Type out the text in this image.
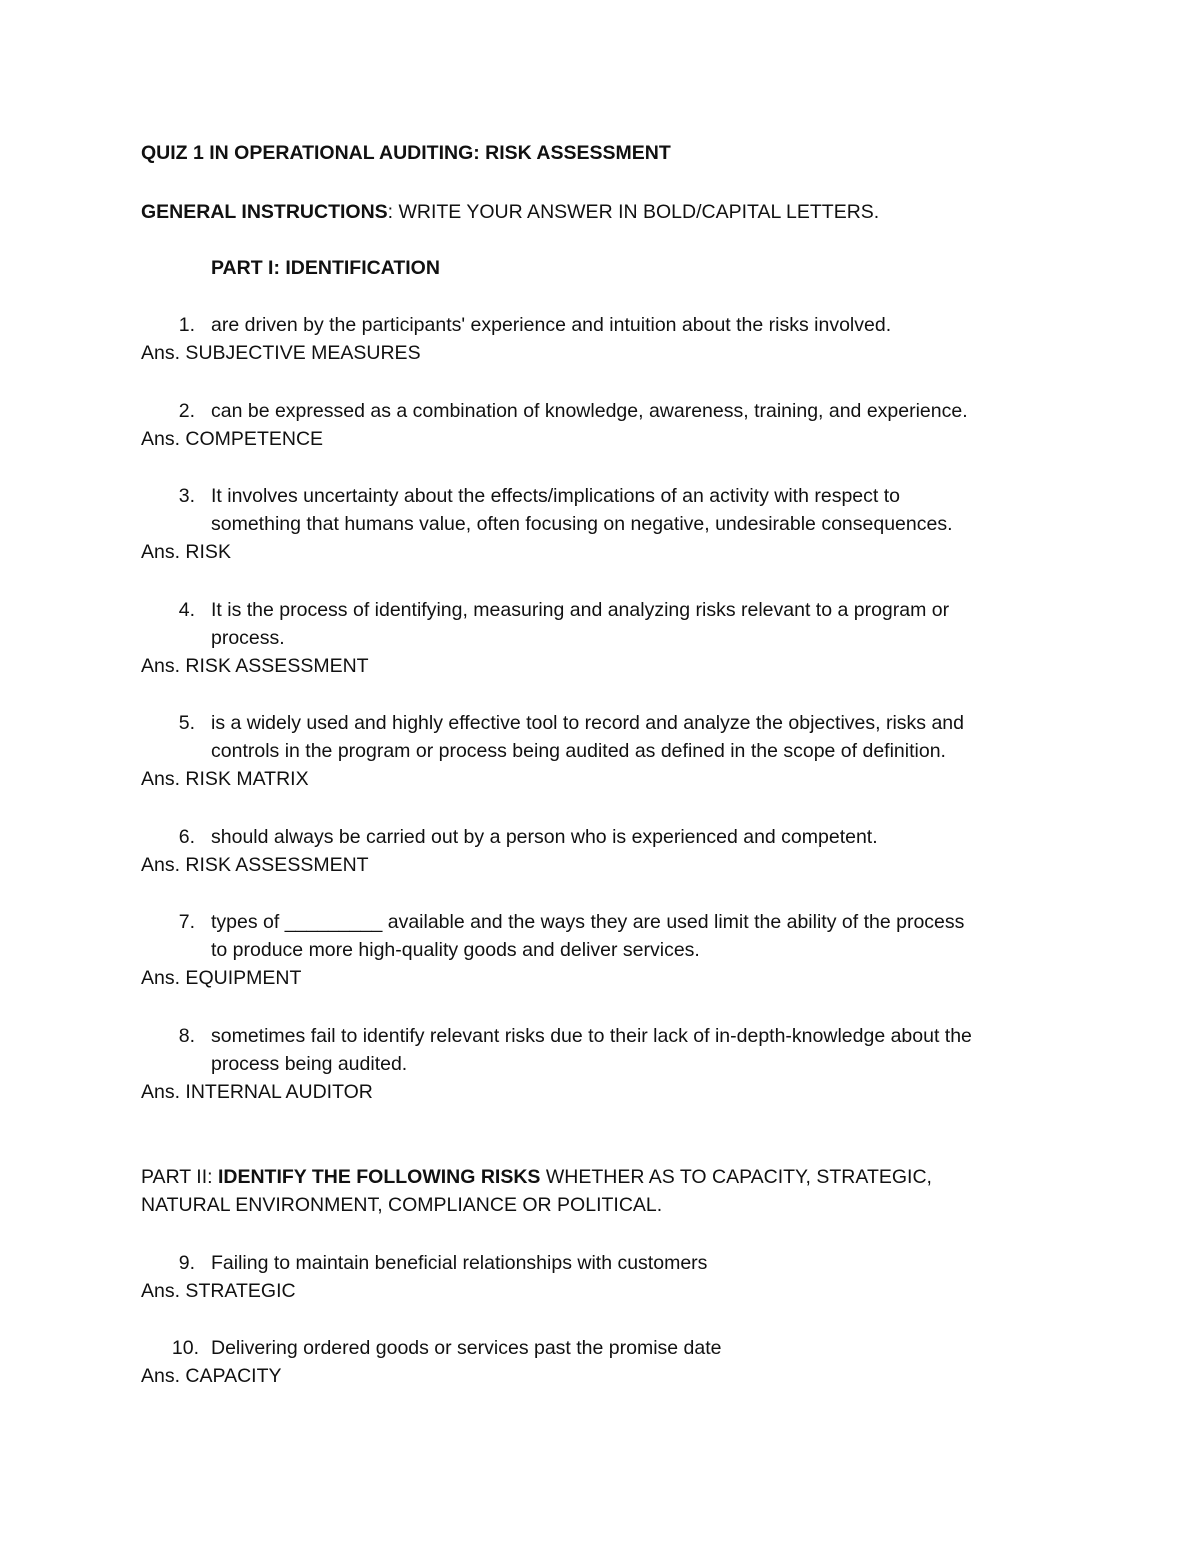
QUIZ 1 IN OPERATIONAL AUDITING: RISK ASSESSMENT
GENERAL INSTRUCTIONS: WRITE YOUR ANSWER IN BOLD/CAPITAL LETTERS.
PART I: IDENTIFICATION
1. are driven by the participants' experience and intuition about the risks involved.
Ans. SUBJECTIVE MEASURES
2. can be expressed as a combination of knowledge, awareness, training, and experience.
Ans. COMPETENCE
3. It involves uncertainty about the effects/implications of an activity with respect to
something that humans value, often focusing on negative, undesirable consequences.
Ans. RISK
4. It is the process of identifying, measuring and analyzing risks relevant to a program or
process.
Ans. RISK ASSESSMENT
5. is a widely used and highly effective tool to record and analyze the objectives, risks and
controls in the program or process being audited as defined in the scope of definition.
Ans. RISK MATRIX
6. should always be carried out by a person who is experienced and competent.
Ans. RISK ASSESSMENT
7. types of _________ available and the ways they are used limit the ability of the process
to produce more high-quality goods and deliver services.
Ans. EQUIPMENT
8. sometimes fail to identify relevant risks due to their lack of in-depth-knowledge about the
process being audited.
Ans. INTERNAL AUDITOR
PART II: IDENTIFY THE FOLLOWING RISKS WHETHER AS TO CAPACITY, STRATEGIC,
NATURAL ENVIRONMENT, COMPLIANCE OR POLITICAL.
9. Failing to maintain beneficial relationships with customers
Ans. STRATEGIC
10. Delivering ordered goods or services past the promise date
Ans. CAPACITY
